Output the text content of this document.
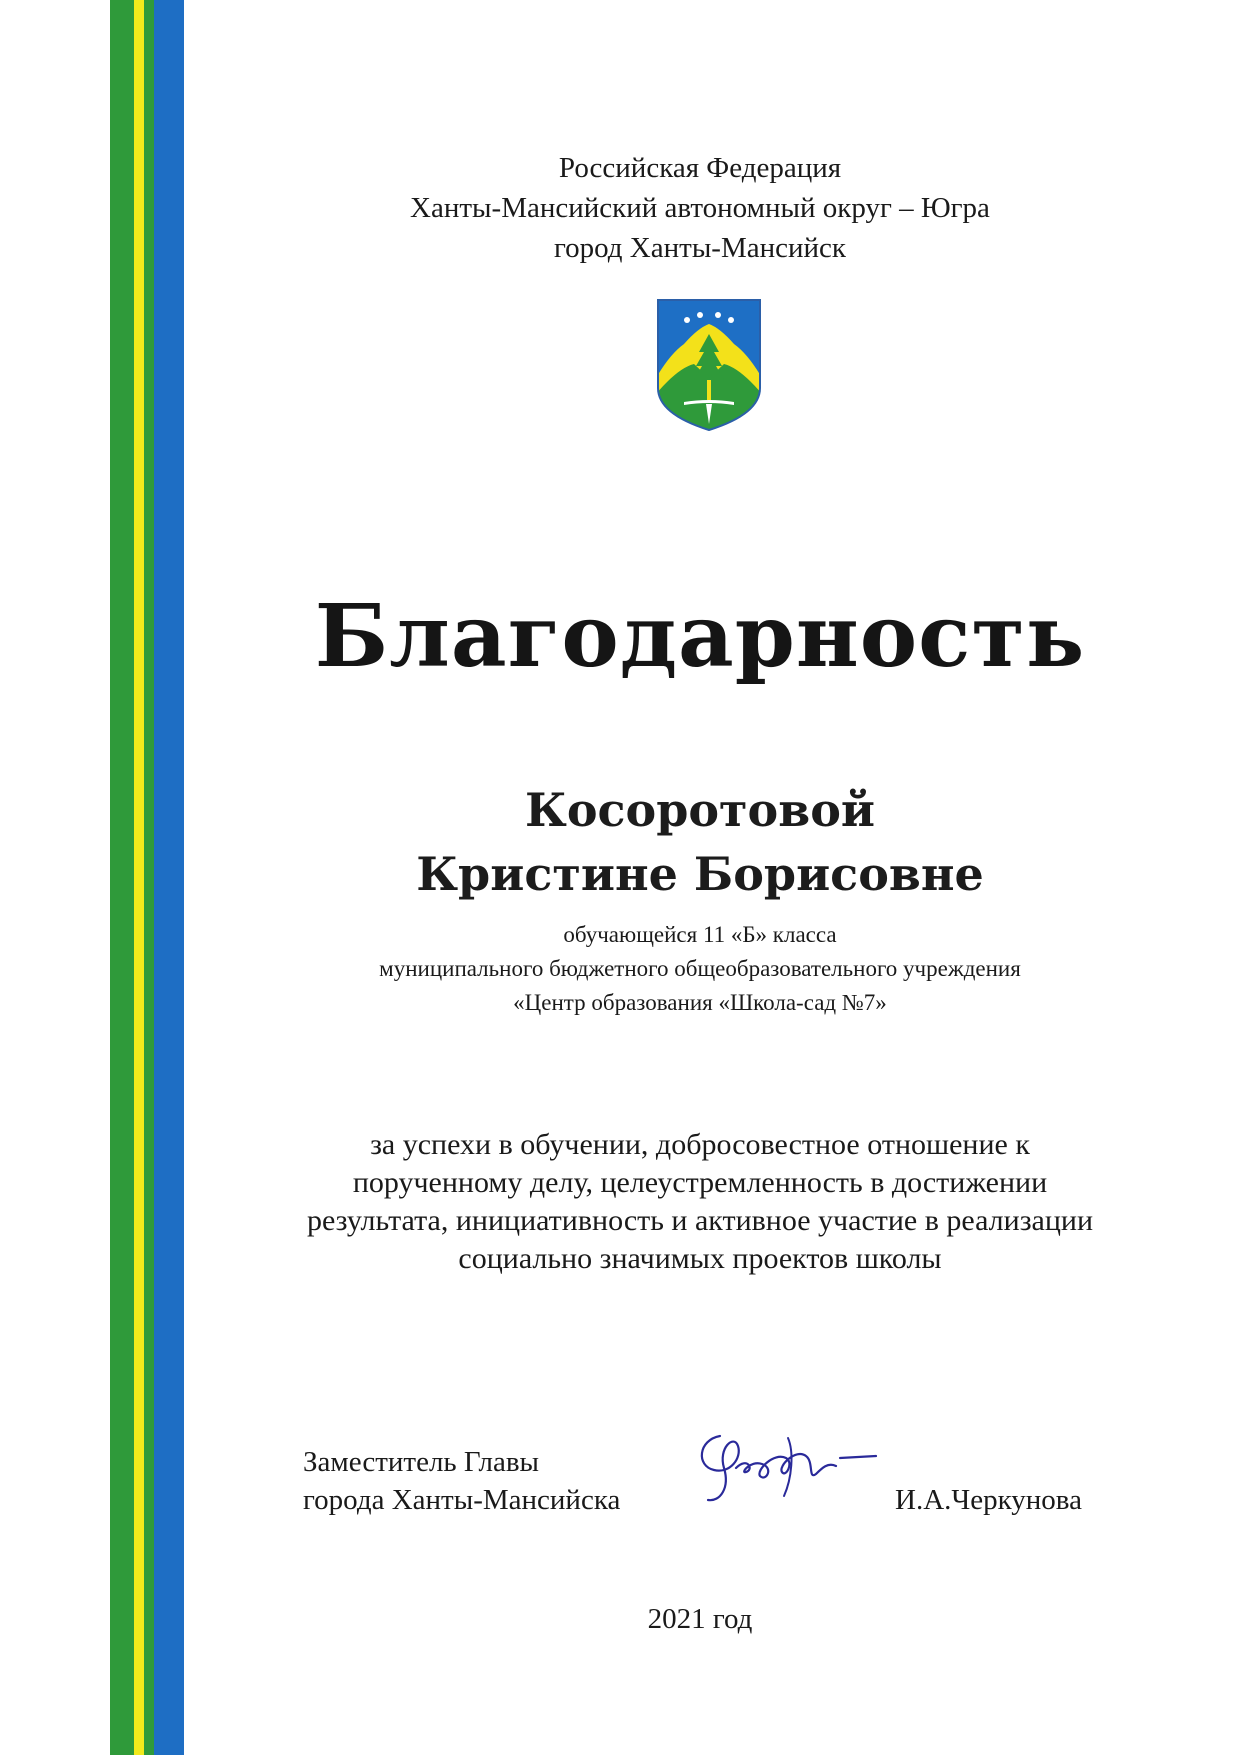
Российская Федерация
Ханты-Мансийский автономный округ – Югра
город Ханты-Мансийск
Благодарность
Косоротовой
Кристине Борисовне
обучающейся 11 «Б» класса
муниципального бюджетного общеобразовательного учреждения
«Центр образования «Школа-сад №7»
за успехи в обучении, добросовестное отношение к
порученному делу, целеустремленность в достижении
результата, инициативность и активное участие в реализации
социально значимых проектов школы
Заместитель Главы
города Ханты-Мансийска	И.А.Черкунова
2021 год
